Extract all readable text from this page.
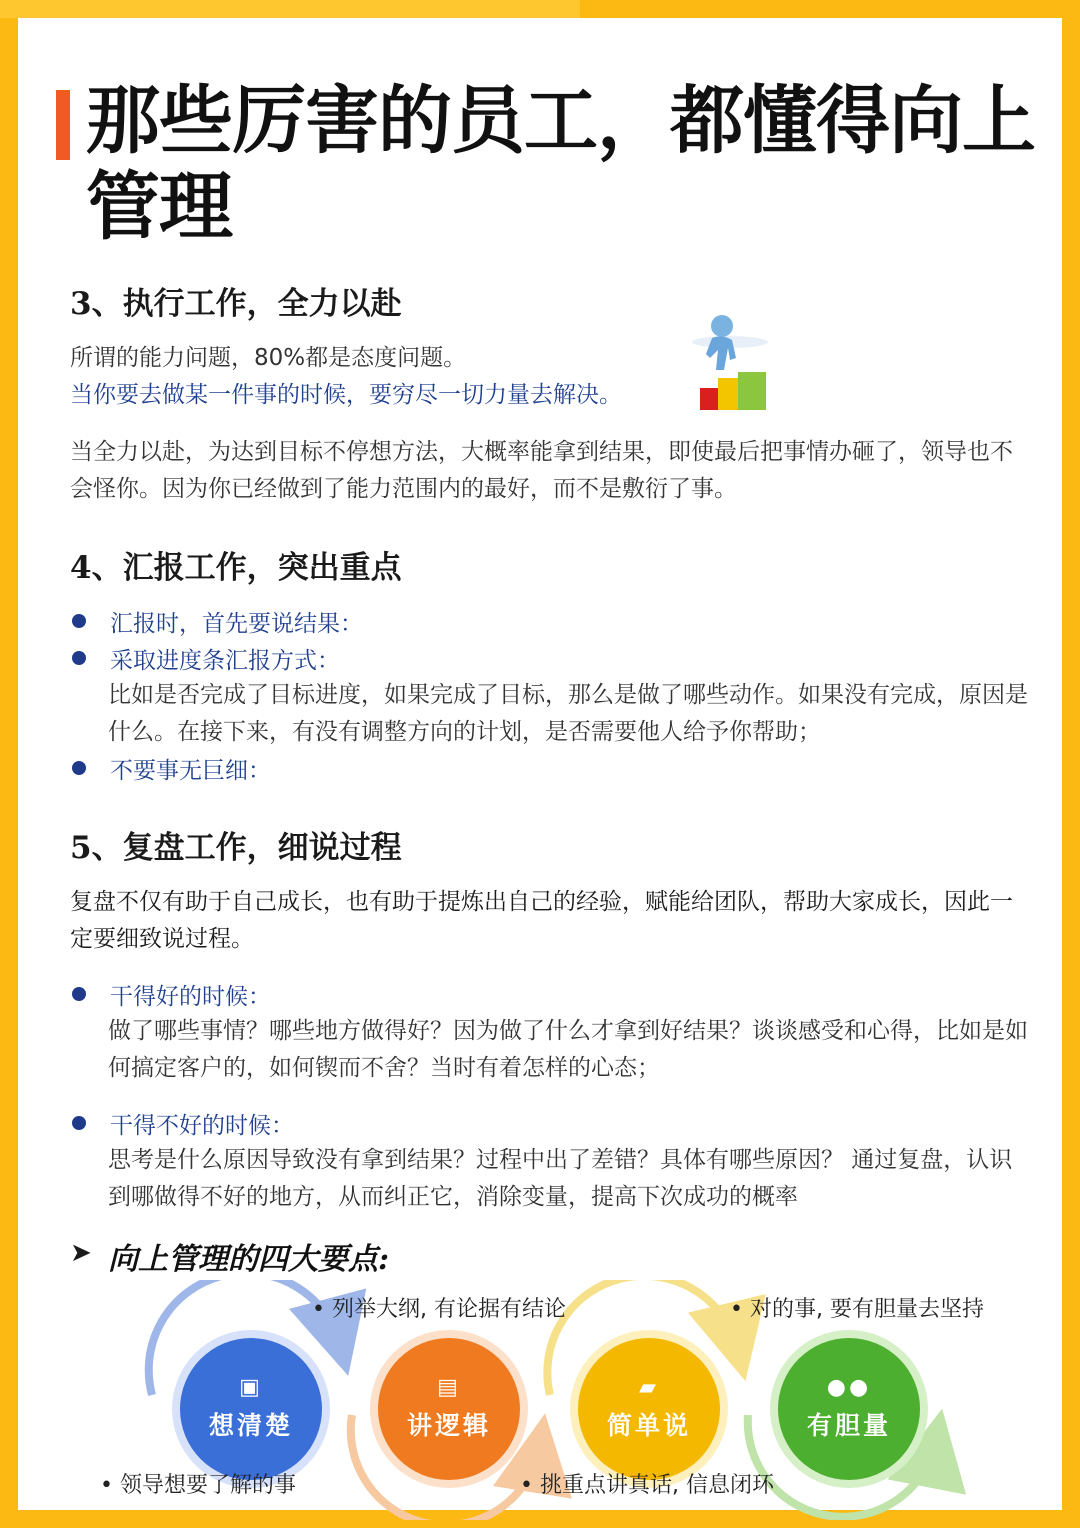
那些厉害的员工，都懂得向上管理
3、执行工作，全力以赴
所谓的能力问题，80%都是态度问题。
当你要去做某一件事的时候，要穷尽一切力量去解决。
当全力以赴，为达到目标不停想方法，大概率能拿到结果，即使最后把事情办砸了，领导也不会怪你。因为你已经做到了能力范围内的最好，而不是敷衍了事。
4、汇报工作，突出重点
汇报时，首先要说结果：
采取进度条汇报方式：
比如是否完成了目标进度，如果完成了目标，那么是做了哪些动作。如果没有完成，原因是什么。在接下来，有没有调整方向的计划，是否需要他人给予你帮助；
不要事无巨细：
5、复盘工作，细说过程
复盘不仅有助于自己成长，也有助于提炼出自己的经验，赋能给团队，帮助大家成长，因此一定要细致说过程。
干得好的时候：
做了哪些事情？哪些地方做得好？因为做了什么才拿到好结果？谈谈感受和心得，比如是如何搞定客户的，如何锲而不舍？当时有着怎样的心态；
干得不好的时候：
思考是什么原因导致没有拿到结果？过程中出了差错？具体有哪些原因？ 通过复盘，认识到哪做得不好的地方，从而纠正它，消除变量，提高下次成功的概率
➤ 向上管理的四大要点:
▣
想清楚
▤
讲逻辑
▰
简单说
●●
有胆量
• 领导想要了解的事
• 列举大纲, 有论据有结论
• 挑重点讲真话, 信息闭环
• 对的事, 要有胆量去坚持
